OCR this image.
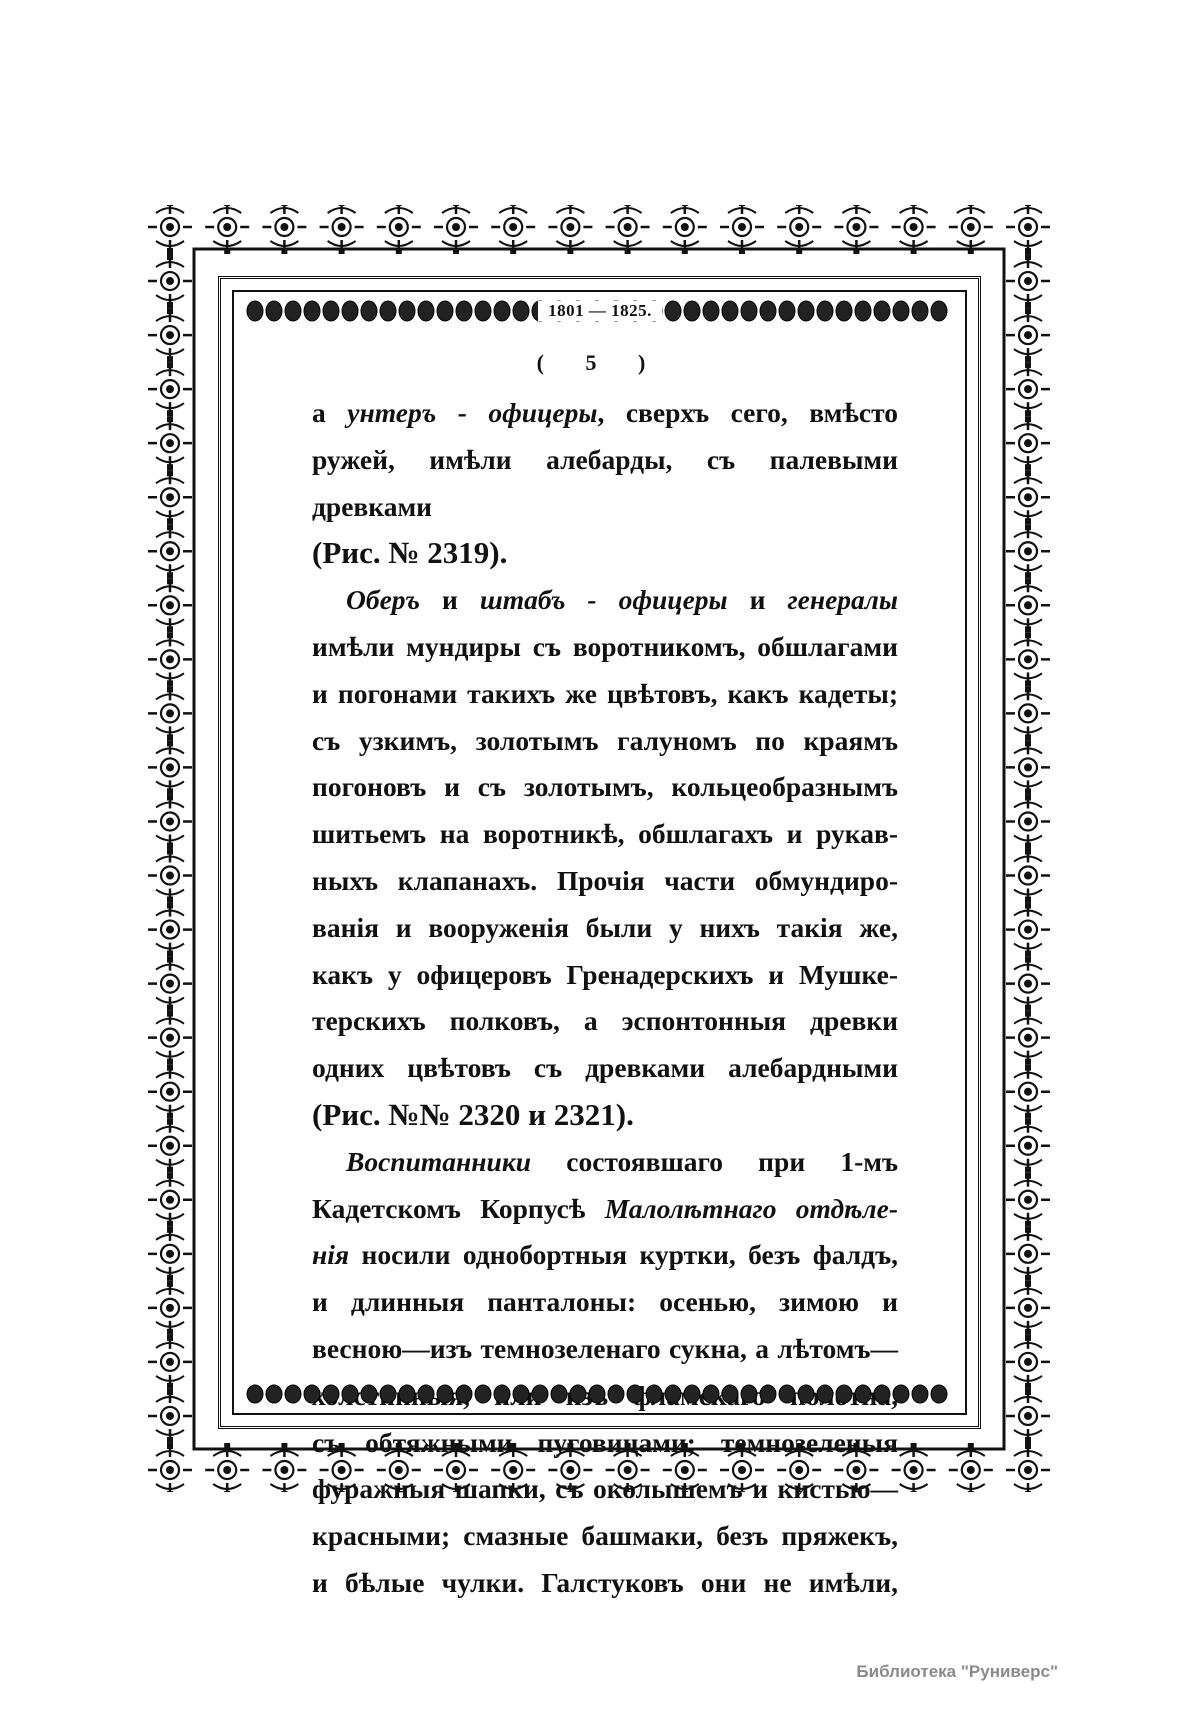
1801 — 1825.
( 5 )

а унтеръ - офицеры, сверхъ сего, вмѣсто

ружей, имѣли алебарды, съ палевыми древками

(Рис. № 2319).

Оберъ и штабъ - офицеры и генералы

имѣли мундиры съ воротникомъ, обшлагами

и погонами такихъ же цвѣтовъ, какъ кадеты;

съ узкимъ, золотымъ галуномъ по краямъ

погоновъ и съ золотымъ, кольцеобразнымъ

шитьемъ на воротникѣ, обшлагахъ и рукав-

ныхъ клапанахъ. Прочія части обмундиро-

ванія и вооруженія были у нихъ такія же,

какъ у офицеровъ Гренадерскихъ и Мушке-

терскихъ полковъ, а эспонтонныя древки

одних цвѣтовъ съ древками алебардными

(Рис. №№ 2320 и 2321).

Воспитанники состоявшаго при 1-мъ

Кадетскомъ Корпусѣ Малолѣтнаго отдѣле-

нія носили однобортныя куртки, безъ фалдъ,

и длинныя панталоны: осенью, зимою и

весною—изъ темнозеленаго сукна, а лѣтомъ—

изъ

съ обтяжными пуговицами; темнозеленыя

фуражныя шапки, съ околышемъ и кистью—

красными; смазные башмаки, безъ пряжекъ,

и бѣлые чулки. Галстуковъ они не имѣли,

Библиотека "Руниверс"
